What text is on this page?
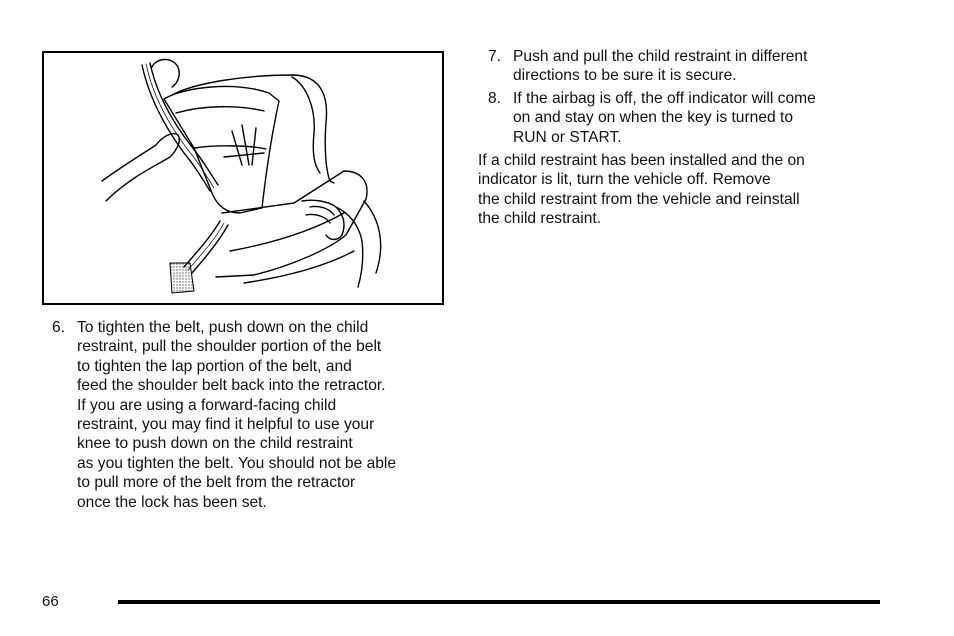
6. To tighten the belt, push down on the child
restraint, pull the shoulder portion of the belt
to tighten the lap portion of the belt, and
feed the shoulder belt back into the retractor.
If you are using a forward-facing child
restraint, you may find it helpful to use your
knee to push down on the child restraint
as you tighten the belt. You should not be able
to pull more of the belt from the retractor
once the lock has been set.
7. Push and pull the child restraint in different
directions to be sure it is secure.
8. If the airbag is off, the off indicator will come
on and stay on when the key is turned to
RUN or START.
If a child restraint has been installed and the on
indicator is lit, turn the vehicle off. Remove
the child restraint from the vehicle and reinstall
the child restraint.
66
